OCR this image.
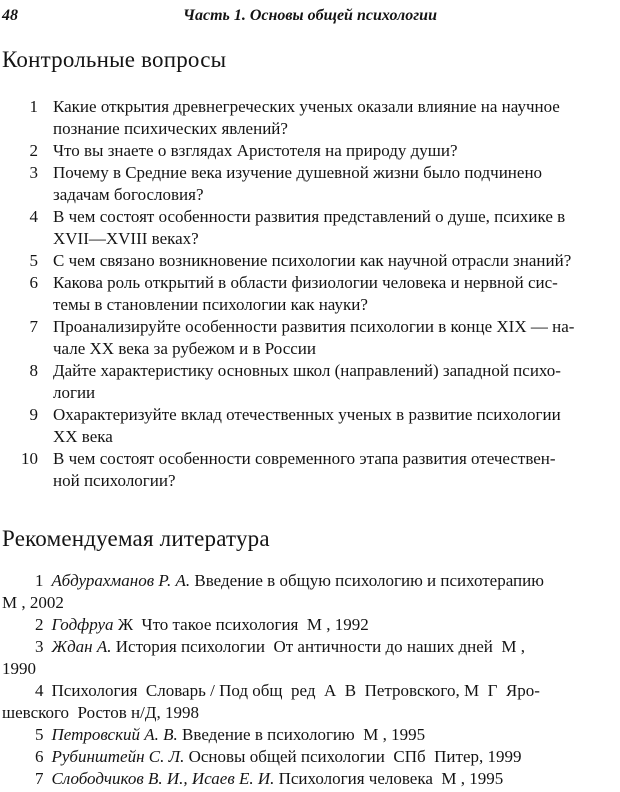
48	Часть 1. Основы общей психологии
Контрольные вопросы
1 Какие открытия древнегреческих ученых оказали влияние на научное
познание психических явлений?
2 Что вы знаете о взглядах Аристотеля на природу души?
3 Почему в Средние века изучение душевной жизни было подчинено
задачам богословия?
4 В чем состоят особенности развития представлений о душе, психике в
XVII—XVIII веках?
5 С чем связано возникновение психологии как научной отрасли знаний?
6 Какова роль открытий в области физиологии человека и нервной сис-
темы в становлении психологии как науки?
7 Проанализируйте особенности развития психологии в конце XIX — на-
чале XX века за рубежом и в России
8 Дайте характеристику основных школ (направлений) западной психо-
логии
9 Охарактеризуйте вклад отечественных ученых в развитие психологии
XX века
10 В чем состоят особенности современного этапа развития отечествен-
ной психологии?
Рекомендуемая литература
1 Абдурахманов Р. А. Введение в общую психологию и психотерапию
М , 2002
2 Годфруа Ж  Что такое психология  М , 1992
3 Ждан А. История психологии  От античности до наших дней  М ,
1990
4 Психология  Словарь / Под общ  ред  А  В  Петровского, М  Г  Яро-
шевского  Ростов н/Д, 1998
5 Петровский А. В. Введение в психологию  М , 1995
6 Рубинштейн С. Л. Основы общей психологии  СПб  Питер, 1999
7 Слободчиков В. И., Исаев Е. И. Психология человека  М , 1995
